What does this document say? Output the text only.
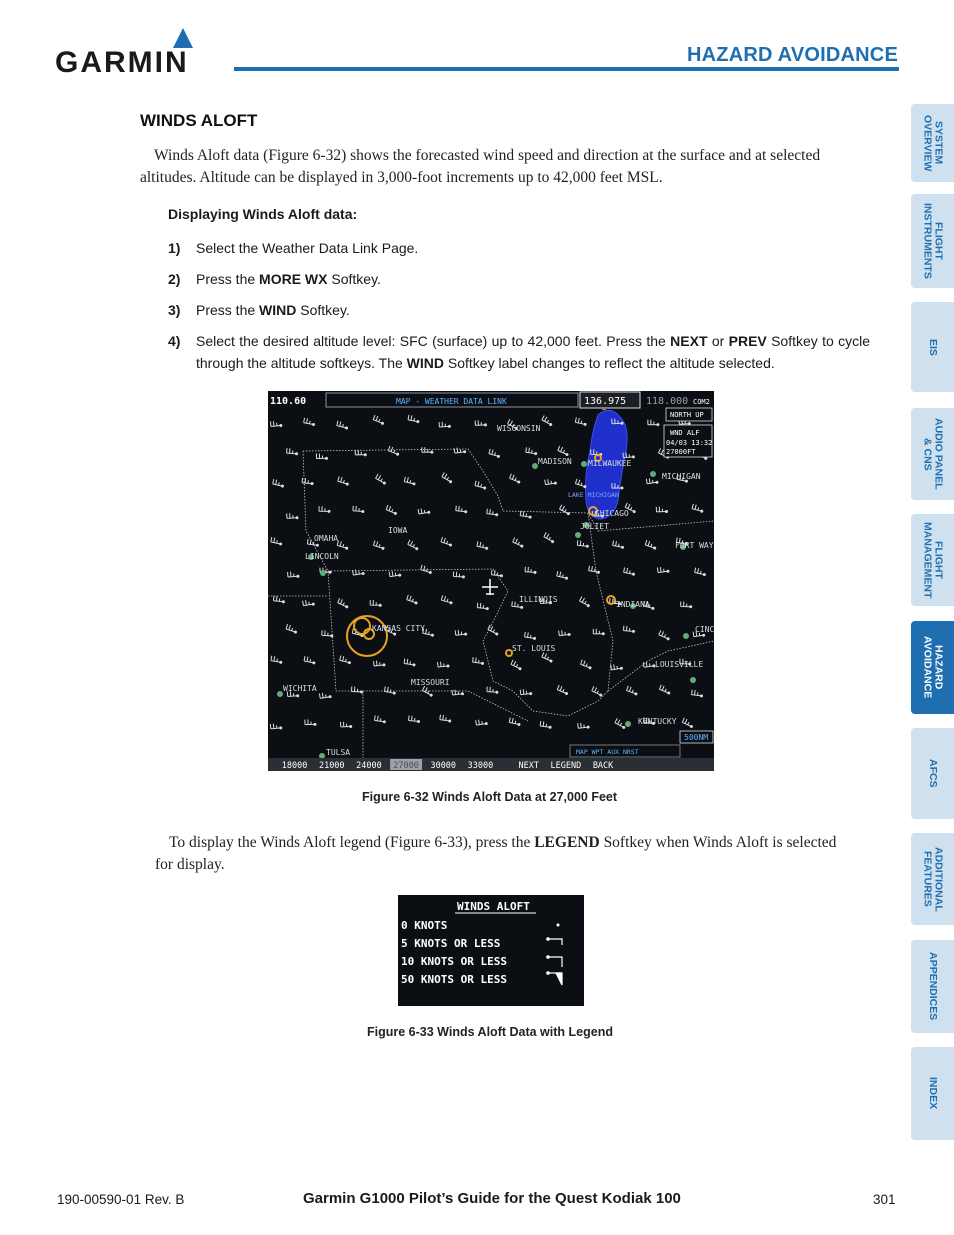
GARMIN	HAZARD AVOIDANCE
SYSTEM
OVERVIEW
FLIGHT
INSTRUMENTS
EIS
AUDIO PANEL
& CNS
FLIGHT
MANAGEMENT
HAZARD
AVOIDANCE
AFCS
ADDITIONAL
FEATURES
APPENDICES
INDEX
WINDS ALOFT

Winds Aloft data (Figure 6-32) shows the forecasted wind speed and direction at the surface and at selected altitudes. Altitude can be displayed in 3,000-foot increments up to 42,000 feet MSL.

Displaying Winds Aloft data:
1)	Select the Weather Data Link Page.
2)	Press the MORE WX Softkey.
3)	Press the WIND Softkey.
4)	Select the desired altitude level: SFC (surface) up to 42,000 feet. Press the NEXT or PREV Softkey to cycle through the altitude softkeys. The WIND Softkey label changes to reflect the altitude selected.
WISCONSIN
MADISON MILWAUKEE
MICHIGAN
LAKE MICHIGAN
CHICAGO
JOLIET
IOWA
OMAHA
LINCOLN
FORT WAY
ILLINOIS
INDIANA
KANSAS CITY	CINC
ST. LOUIS
LOUISVILLE
MISSOURI
WICHITA
KENTUCKY
TULSA
110.60	MAP - WEATHER DATA LINK	136.975 118.000 COM2
NORTH UP
WND ALF
04/03 13:32
27000FT
500NM
MAP WPT AUX NRST
18000 21000 24000 27000 30000 33000	NEXT LEGEND BACK
Figure 6-32 Winds Aloft Data at 27,000 Feet

To display the Winds Aloft legend (Figure 6-33), press the LEGEND Softkey when Winds Aloft is selected for display.

WINDS ALOFT
0 KNOTS
5 KNOTS OR LESS
10 KNOTS OR LESS
50 KNOTS OR LESS
Figure 6-33 Winds Aloft Data with Legend
190-00590-01 Rev. B	Garmin G1000 Pilot’s Guide for the Quest Kodiak 100	301
